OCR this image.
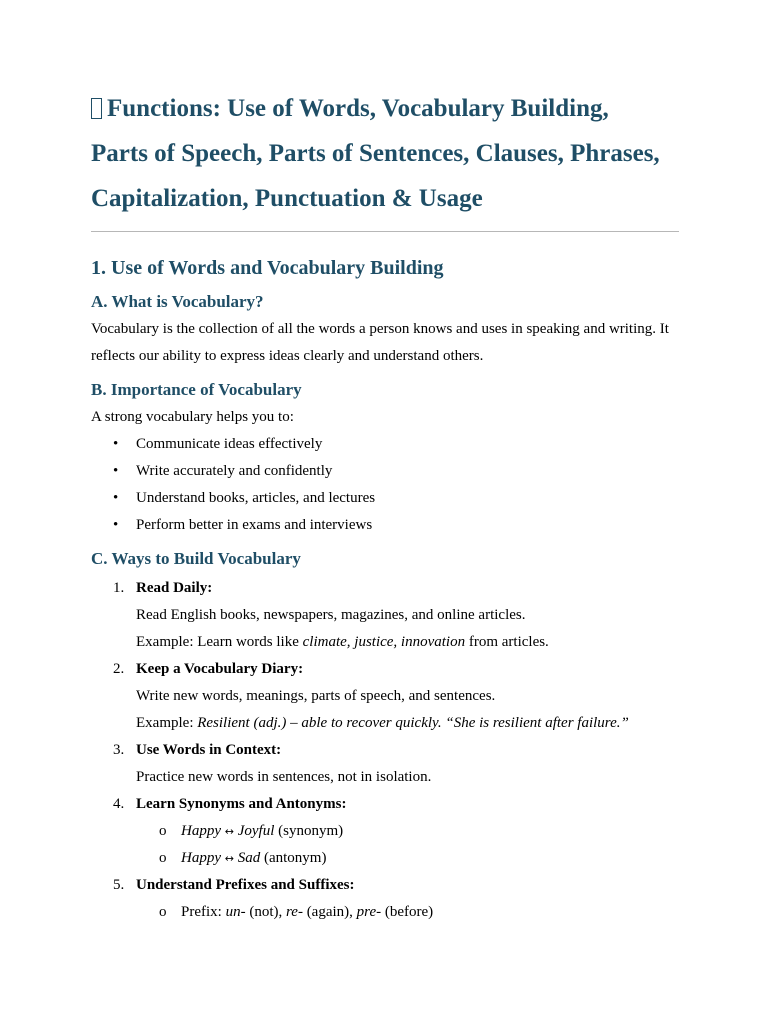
Functions: Use of Words, Vocabulary Building,
Parts of Speech, Parts of Sentences, Clauses, Phrases,
Capitalization, Punctuation & Usage
1. Use of Words and Vocabulary Building
A. What is Vocabulary?

Vocabulary is the collection of all the words a person knows and uses in speaking and writing. It reflects our ability to express ideas clearly and understand others.

B. Importance of Vocabulary

A strong vocabulary helps you to:

• Communicate ideas effectively
• Write accurately and confidently
• Understand books, articles, and lectures
• Perform better in exams and interviews
C. Ways to Build Vocabulary
1. Read Daily:
Read English books, newspapers, magazines, and online articles.
Example: Learn words like climate, justice, innovation from articles.
2. Keep a Vocabulary Diary:
Write new words, meanings, parts of speech, and sentences.
Example: Resilient (adj.) – able to recover quickly. “She is resilient after failure.”
3. Use Words in Context:
Practice new words in sentences, not in isolation.
4. Learn Synonyms and Antonyms:
o Happy ↔ Joyful (synonym)
o Happy ↔ Sad (antonym)
5. Understand Prefixes and Suffixes:
o Prefix: un- (not), re- (again), pre- (before)
